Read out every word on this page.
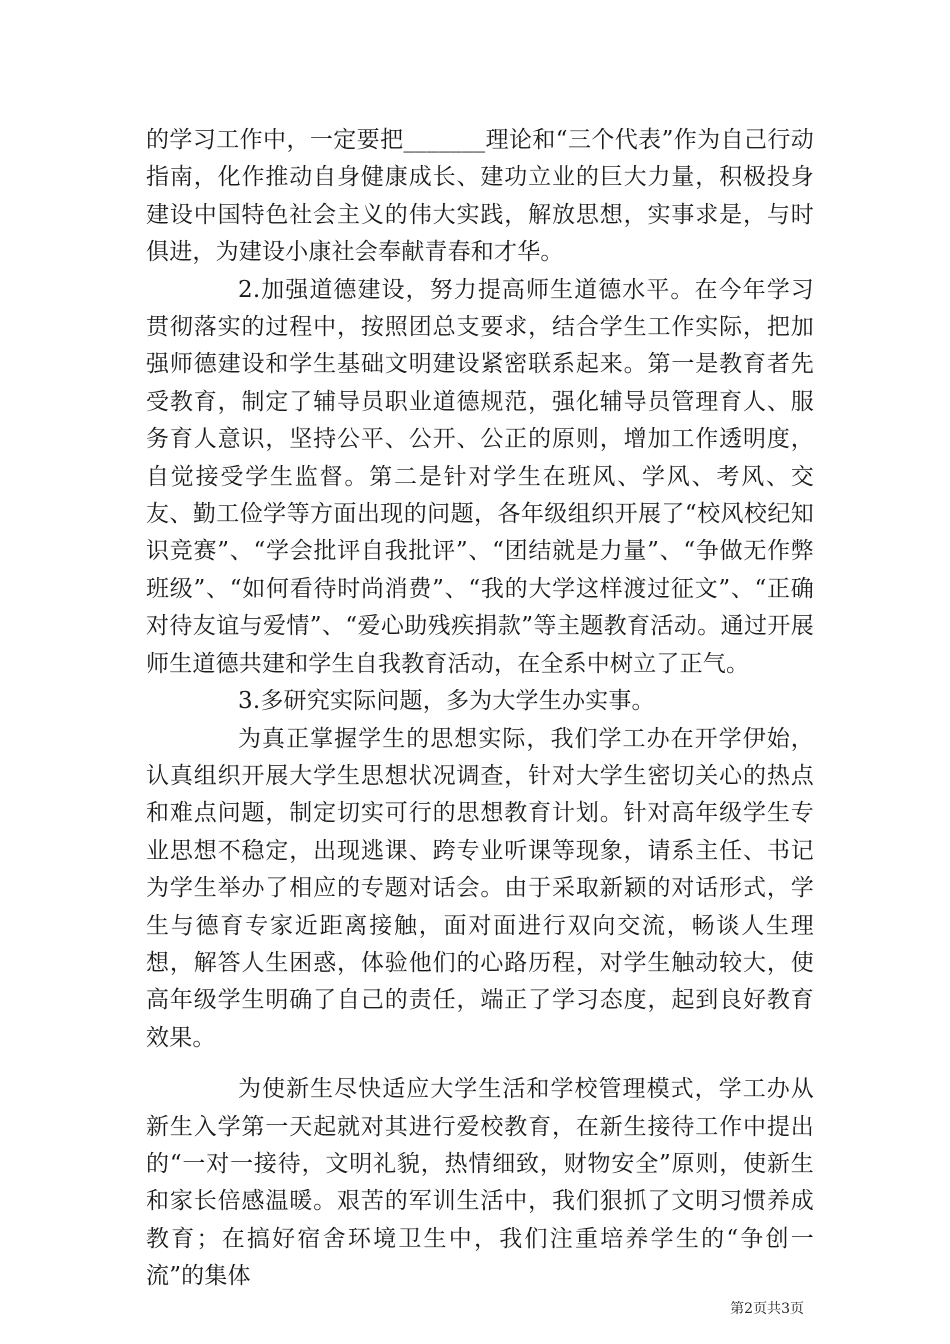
的学习工作中，一定要把_______理论和“三个代表”作为自己行动指南，化作推动自身健康成长、建功立业的巨大力量，积极投身建设中国特色社会主义的伟大实践，解放思想，实事求是，与时俱进，为建设小康社会奉献青春和才华。

2.加强道德建设，努力提高师生道德水平。在今年学习贯彻落实的过程中，按照团总支要求，结合学生工作实际，把加强师德建设和学生基础文明建设紧密联系起来。第一是教育者先受教育，制定了辅导员职业道德规范，强化辅导员管理育人、服务育人意识，坚持公平、公开、公正的原则，增加工作透明度，自觉接受学生监督。第二是针对学生在班风、学风、考风、交友、勤工俭学等方面出现的问题，各年级组织开展了“校风校纪知识竞赛”、“学会批评自我批评”、“团结就是力量”、“争做无作弊班级”、“如何看待时尚消费”、“我的大学这样渡过征文”、“正确对待友谊与爱情”、“爱心助残疾捐款”等主题教育活动。通过开展师生道德共建和学生自我教育活动，在全系中树立了正气。

3.多研究实际问题，多为大学生办实事。

为真正掌握学生的思想实际，我们学工办在开学伊始，认真组织开展大学生思想状况调查，针对大学生密切关心的热点和难点问题，制定切实可行的思想教育计划。针对高年级学生专业思想不稳定，出现逃课、跨专业听课等现象，请系主任、书记为学生举办了相应的专题对话会。由于采取新颖的对话形式，学生与德育专家近距离接触，面对面进行双向交流，畅谈人生理想，解答人生困惑，体验他们的心路历程，对学生触动较大，使高年级学生明确了自己的责任，端正了学习态度，起到良好教育效果。

为使新生尽快适应大学生活和学校管理模式，学工办从新生入学第一天起就对其进行爱校教育，在新生接待工作中提出的“一对一接待，文明礼貌，热情细致，财物安全”原则，使新生和家长倍感温暖。艰苦的军训生活中，我们狠抓了文明习惯养成教育；在搞好宿舍环境卫生中，我们注重培养学生的“争创一流”的集体

第2页共3页
